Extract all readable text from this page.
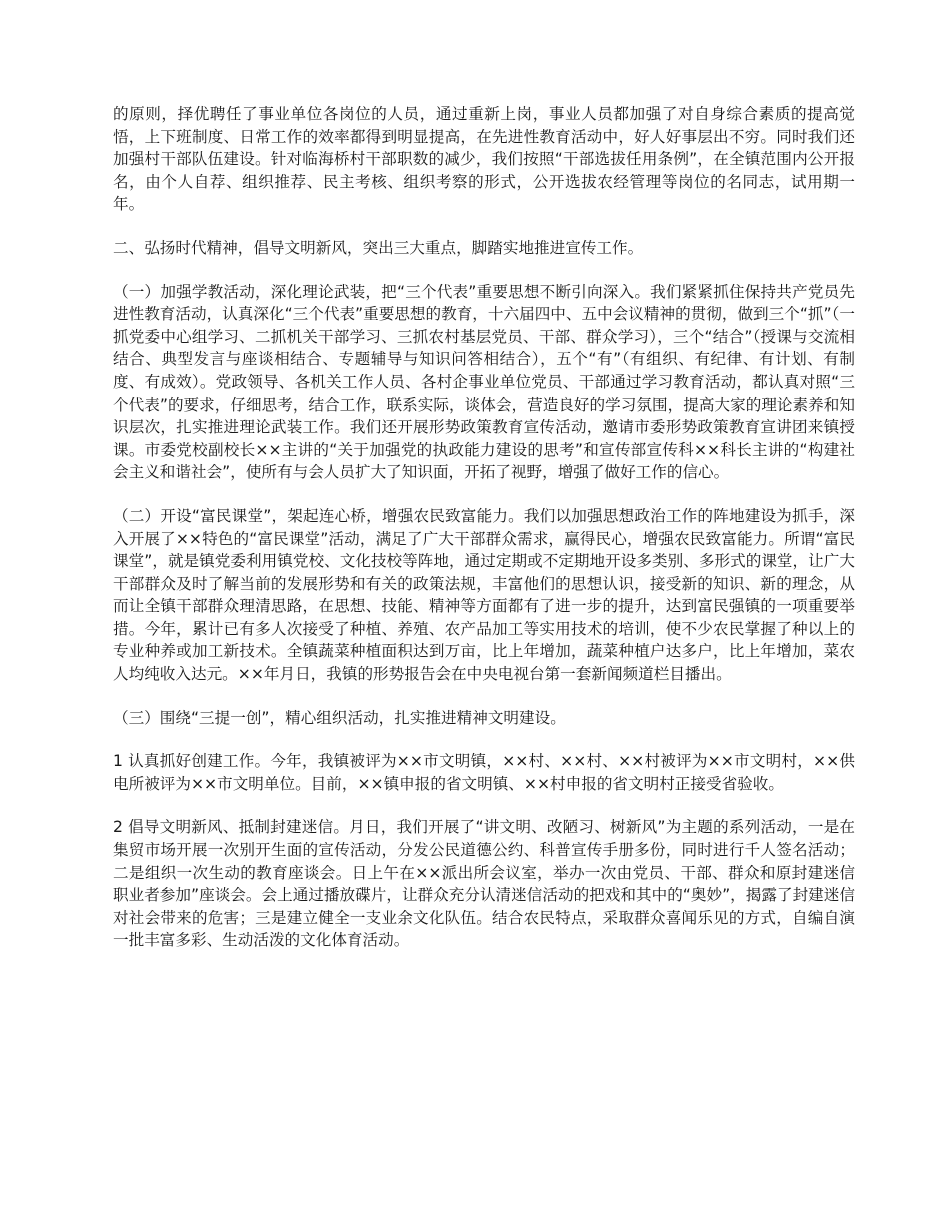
的原则，择优聘任了事业单位各岗位的人员，通过重新上岗，事业人员都加强了对自身综合素质的提高觉悟，上下班制度、日常工作的效率都得到明显提高，在先进性教育活动中，好人好事层出不穷。同时我们还加强村干部队伍建设。针对临海桥村干部职数的减少，我们按照“干部选拔任用条例”，在全镇范围内公开报名，由个人自荐、组织推荐、民主考核、组织考察的形式，公开选拔农经管理等岗位的名同志，试用期一年。

二、弘扬时代精神，倡导文明新风，突出三大重点，脚踏实地推进宣传工作。

（一）加强学教活动，深化理论武装，把“三个代表”重要思想不断引向深入。我们紧紧抓住保持共产党员先进性教育活动，认真深化“三个代表”重要思想的教育，十六届四中、五中会议精神的贯彻，做到三个“抓”（一抓党委中心组学习、二抓机关干部学习、三抓农村基层党员、干部、群众学习），三个“结合”（授课与交流相结合、典型发言与座谈相结合、专题辅导与知识问答相结合），五个“有”（有组织、有纪律、有计划、有制度、有成效）。党政领导、各机关工作人员、各村企事业单位党员、干部通过学习教育活动，都认真对照“三个代表”的要求，仔细思考，结合工作，联系实际，谈体会，营造良好的学习氛围，提高大家的理论素养和知识层次，扎实推进理论武装工作。我们还开展形势政策教育宣传活动，邀请市委形势政策教育宣讲团来镇授课。市委党校副校长××主讲的“关于加强党的执政能力建设的思考”和宣传部宣传科××科长主讲的“构建社会主义和谐社会”，使所有与会人员扩大了知识面，开拓了视野，增强了做好工作的信心。

（二）开设“富民课堂”，架起连心桥，增强农民致富能力。我们以加强思想政治工作的阵地建设为抓手，深入开展了××特色的“富民课堂”活动，满足了广大干部群众需求，赢得民心，增强农民致富能力。所谓“富民课堂”，就是镇党委利用镇党校、文化技校等阵地，通过定期或不定期地开设多类别、多形式的课堂，让广大干部群众及时了解当前的发展形势和有关的政策法规，丰富他们的思想认识，接受新的知识、新的理念，从而让全镇干部群众理清思路，在思想、技能、精神等方面都有了进一步的提升，达到富民强镇的一项重要举措。今年，累计已有多人次接受了种植、养殖、农产品加工等实用技术的培训，使不少农民掌握了种以上的专业种养或加工新技术。全镇蔬菜种植面积达到万亩，比上年增加，蔬菜种植户达多户，比上年增加，菜农人均纯收入达元。××年月日，我镇的形势报告会在中央电视台第一套新闻频道栏目播出。

（三）围绕“三提一创”，精心组织活动，扎实推进精神文明建设。

1 认真抓好创建工作。今年，我镇被评为××市文明镇，××村、××村、××村被评为××市文明村，××供电所被评为××市文明单位。目前，××镇申报的省文明镇、××村申报的省文明村正接受省验收。

2 倡导文明新风、抵制封建迷信。月日，我们开展了“讲文明、改陋习、树新风”为主题的系列活动，一是在集贸市场开展一次别开生面的宣传活动，分发公民道德公约、科普宣传手册多份，同时进行千人签名活动；二是组织一次生动的教育座谈会。日上午在××派出所会议室，举办一次由党员、干部、群众和原封建迷信职业者参加”座谈会。会上通过播放碟片，让群众充分认清迷信活动的把戏和其中的“奥妙”，揭露了封建迷信对社会带来的危害；三是建立健全一支业余文化队伍。结合农民特点，采取群众喜闻乐见的方式，自编自演一批丰富多彩、生动活泼的文化体育活动。
